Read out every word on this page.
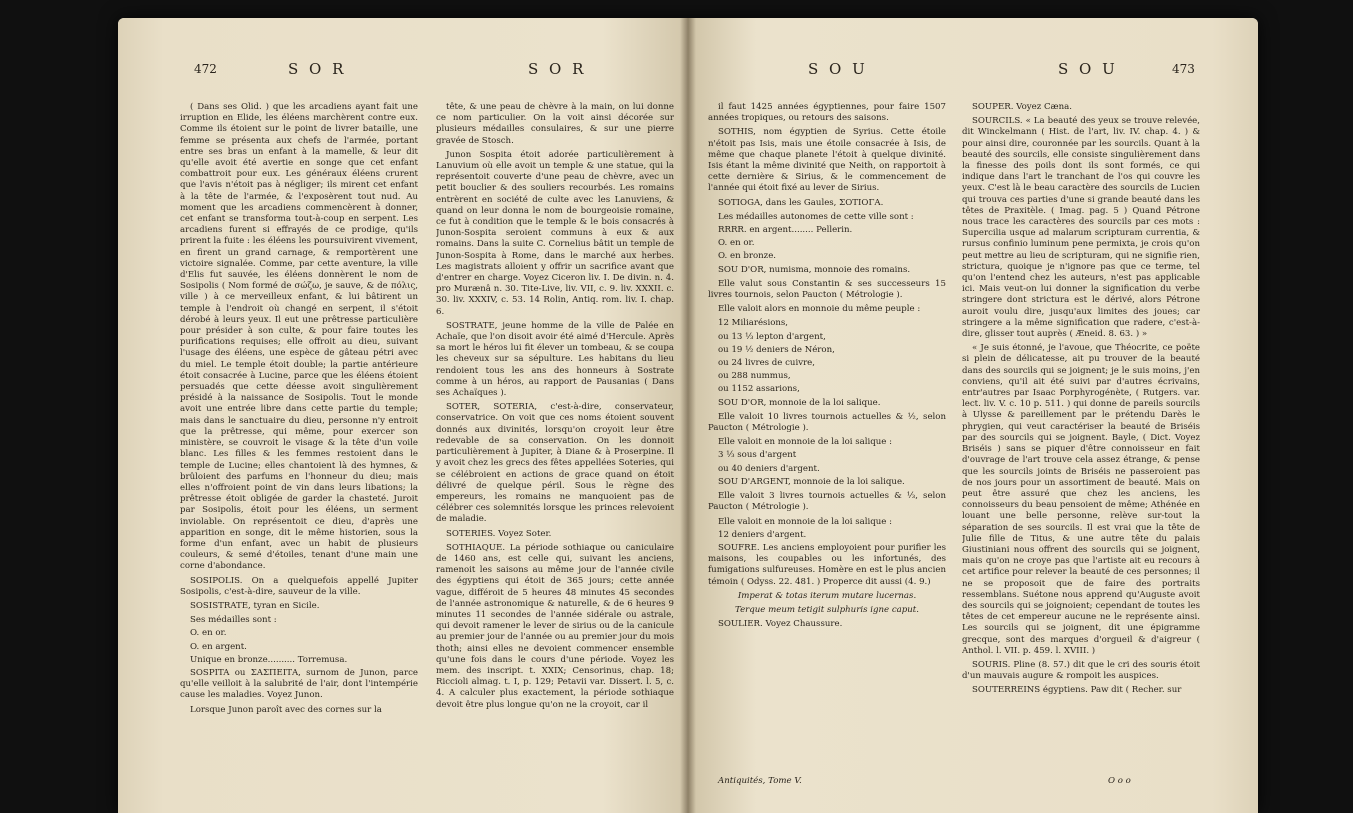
472	S O R	S O R

( Dans ses Olid. ) que les arcadiens ayant fait une irruption en Elide, les éléens marchèrent contre eux. Comme ils étoient sur le point de livrer bataille, une femme se présenta aux chefs de l'armée, portant entre ses bras un enfant à la mamelle, & leur dit qu'elle avoit été avertie en songe que cet enfant combattroit pour eux. Les généraux éléens crurent que l'avis n'étoit pas à négliger; ils mirent cet enfant à la tête de l'armée, & l'exposèrent tout nud. Au moment que les arcadiens commencèrent à donner, cet enfant se transforma tout-à-coup en serpent. Les arcadiens furent si effrayés de ce prodige, qu'ils prirent la fuite : les éléens les poursuivirent vivement, en firent un grand carnage, & remportèrent une victoire signalée. Comme, par cette aventure, la ville d'Elis fut sauvée, les éléens donnèrent le nom de Sosipolis ( Nom formé de σώζω, je sauve, & de πόλις, ville ) à ce merveilleux enfant, & lui bâtirent un temple à l'endroit où changé en serpent, il s'étoit dérobé à leurs yeux. Il eut une prêtresse particulière pour présider à son culte, & pour faire toutes les purifications requises; elle offroit au dieu, suivant l'usage des éléens, une espèce de gâteau pétri avec du miel. Le temple étoit double; la partie antérieure étoit consacrée à Lucine, parce que les éléens étoient persuadés que cette déesse avoit singulièrement présidé à la naissance de Sosipolis. Tout le monde avoit une entrée libre dans cette partie du temple; mais dans le sanctuaire du dieu, personne n'y entroit que la prêtresse, qui même, pour exercer son ministère, se couvroit le visage & la tête d'un voile blanc. Les filles & les femmes restoient dans le temple de Lucine; elles chantoient là des hymnes, & brûloient des parfums en l'honneur du dieu; mais elles n'offroient point de vin dans leurs libations; la prêtresse étoit obligée de garder la chasteté. Juroit par Sosipolis, étoit pour les éléens, un serment inviolable. On représentoit ce dieu, d'après une apparition en songe, dit le même historien, sous la forme d'un enfant, avec un habit de plusieurs couleurs, & semé d'étoiles, tenant d'une main une corne d'abondance.

SOSIPOLIS. On a quelquefois appellé Jupiter Sosipolis, c'est-à-dire, sauveur de la ville.

SOSISTRATE, tyran en Sicile.

Ses médailles sont :

O. en or.

O. en argent.

Unique en bronze.......... Torremusa.

SOSPITA ou ΣΑΣΠΕΙΤΑ, surnom de Junon, parce qu'elle veilloit à la salubrité de l'air, dont l'intempérie cause les maladies. Voyez Junon.

Lorsque Junon paroît avec des cornes sur la

tête, & une peau de chèvre à la main, on lui donne ce nom particulier. On la voit ainsi décorée sur plusieurs médailles consulaires, & sur une pierre gravée de Stosch.

Junon Sospita étoit adorée particulièrement à Lanuvium où elle avoit un temple & une statue, qui la représentoit couverte d'une peau de chèvre, avec un petit bouclier & des souliers recourbés. Les romains entrèrent en société de culte avec les Lanuviens, & quand on leur donna le nom de bourgeoisie romaine, ce fut à condition que le temple & le bois consacrés à Junon-Sospita seroient communs à eux & aux romains. Dans la suite C. Cornelius bâtit un temple de Junon-Sospita à Rome, dans le marché aux herbes. Les magistrats alloient y offrir un sacrifice avant que d'entrer en charge. Voyez Ciceron liv. I. De divin. n. 4. pro Murænâ n. 30. Tite-Live, liv. VII, c. 9. liv. XXXII. c. 30. liv. XXXIV, c. 53. 14 Rolin, Antiq. rom. liv. I. chap. 6.

SOSTRATE, jeune homme de la ville de Palée en Achaïe, que l'on disoit avoir été aimé d'Hercule. Après sa mort le héros lui fit élever un tombeau, & se coupa les cheveux sur sa sépulture. Les habitans du lieu rendoient tous les ans des honneurs à Sostrate comme à un héros, au rapport de Pausanias ( Dans ses Achaïques ).

SOTER, SOTERIA, c'est-à-dire, conservateur, conservatrice. On voit que ces noms étoient souvent donnés aux divinités, lorsqu'on croyoit leur être redevable de sa conservation. On les donnoit particulièrement à Jupiter, à Diane & à Proserpine. Il y avoit chez les grecs des fêtes appellées Soteries, qui se célébroient en actions de grace quand on étoit délivré de quelque péril. Sous le règne des empereurs, les romains ne manquoient pas de célébrer ces solemnités lorsque les princes relevoient de maladie.

SOTERIES. Voyez Soter.

SOTHIAQUE. La période sothiaque ou caniculaire de 1460 ans, est celle qui, suivant les anciens, ramenoit les saisons au même jour de l'année civile des égyptiens qui étoit de 365 jours; cette année vague, différoit de 5 heures 48 minutes 45 secondes de l'année astronomique & naturelle, & de 6 heures 9 minutes 11 secondes de l'année sidérale ou astrale, qui devoit ramener le lever de sirius ou de la canicule au premier jour de l'année ou au premier jour du mois thoth; ainsi elles ne devoient commencer ensemble qu'une fois dans le cours d'une période. Voyez les mem. des inscript. t. XXIX; Censorinus, chap. 18; Riccioli almag. t. I, p. 129; Petavii var. Dissert. l. 5, c. 4. A calculer plus exactement, la période sothiaque devoit être plus longue qu'on ne la croyoit, car il

S O U	S O U	473

il faut 1425 années égyptiennes, pour faire 1507 années tropiques, ou retours des saisons.

SOTHIS, nom égyptien de Syrius. Cette étoile n'étoit pas Isis, mais une étoile consacrée à Isis, de même que chaque planete l'étoit à quelque divinité. Isis étant la même divinité que Neith, on rapportoit à cette dernière & Sirius, & le commencement de l'année qui étoit fixé au lever de Sirius.

SOTIOGA, dans les Gaules, ΣΟΤΙΟΓΑ.

Les médailles autonomes de cette ville sont :

RRRR. en argent........ Pellerin.

O. en or.

O. en bronze.

SOU D'OR, numisma, monnoie des romains.

Elle valut sous Constantin & ses successeurs 15 livres tournois, selon Paucton ( Métrologie ).

Elle valoit alors en monnoie du même peuple :

12 Miliarésions,

ou 13 ⅓ lepton d'argent,

ou 19 ½ deniers de Néron,

ou 24 livres de cuivre,

ou 288 nummus,

ou 1152 assarions,

SOU D'OR, monnoie de la loi salique.

Elle valoit 10 livres tournois actuelles & ½, selon Paucton ( Métrologie ).

Elle valoit en monnoie de la loi salique :

3 ⅓ sous d'argent

ou 40 deniers d'argent.

SOU D'ARGENT, monnoie de la loi salique.

Elle valoit 3 livres tournois actuelles & ⅓, selon Paucton ( Métrologie ).

Elle valoit en monnoie de la loi salique :

12 deniers d'argent.

SOUFRE. Les anciens employoient pour purifier les maisons, les coupables ou les infortunés, des fumigations sulfureuses. Homère en est le plus ancien témoin ( Odyss. 22. 481. ) Properce dit aussi (4. 9.)

Imperat & totas iterum mutare lucernas.

Terque meum tetigit sulphuris igne caput.

SOULIER. Voyez Chaussure.

SOUPER. Voyez Cæna.

SOURCILS. « La beauté des yeux se trouve relevée, dit Winckelmann ( Hist. de l'art, liv. IV. chap. 4. ) & pour ainsi dire, couronnée par les sourcils. Quant à la beauté des sourcils, elle consiste singulièrement dans la finesse des poils dont ils sont formés, ce qui indique dans l'art le tranchant de l'os qui couvre les yeux. C'est là le beau caractère des sourcils de Lucien qui trouva ces parties d'une si grande beauté dans les têtes de Praxitèle. ( Imag. pag. 5 ) Quand Pétrone nous trace les caractères des sourcils par ces mots : Supercilia usque ad malarum scripturam currentia, & rursus confinio luminum pene permixta, je crois qu'on peut mettre au lieu de scripturam, qui ne signifie rien, strictura, quoique je n'ignore pas que ce terme, tel qu'on l'entend chez les auteurs, n'est pas applicable ici. Mais veut-on lui donner la signification du verbe stringere dont strictura est le dérivé, alors Pétrone auroit voulu dire, jusqu'aux limites des joues; car stringere a la même signification que radere, c'est-à-dire, glisser tout auprès ( Æneid. 8. 63. ) »

« Je suis étonné, je l'avoue, que Théocrite, ce poëte si plein de délicatesse, ait pu trouver de la beauté dans des sourcils qui se joignent; je le suis moins, j'en conviens, qu'il ait été suivi par d'autres écrivains, entr'autres par Isaac Porphyrogénète, ( Rutgers. var. lect. liv. V. c. 10 p. 511. ) qui donne de pareils sourcils à Ulysse & pareillement par le prétendu Darès le phrygien, qui veut caractériser la beauté de Briséis par des sourcils qui se joignent. Bayle, ( Dict. Voyez Briséis ) sans se piquer d'être connoisseur en fait d'ouvrage de l'art trouve cela assez étrange, & pense que les sourcils joints de Briséis ne passeroient pas de nos jours pour un assortiment de beauté. Mais on peut être assuré que chez les anciens, les connoisseurs du beau pensoient de même; Athénée en louant une belle personne, relève sur-tout la séparation de ses sourcils. Il est vrai que la tête de Julie fille de Titus, & une autre tête du palais Giustiniani nous offrent des sourcils qui se joignent, mais qu'on ne croye pas que l'artiste ait eu recours à cet artifice pour relever la beauté de ces personnes; il ne se proposoit que de faire des portraits ressemblans. Suétone nous apprend qu'Auguste avoit des sourcils qui se joignoient; cependant de toutes les têtes de cet empereur aucune ne le représente ainsi. Les sourcils qui se joignent, dit une épigramme grecque, sont des marques d'orgueil & d'aigreur ( Anthol. l. VII. p. 459. l. XVIII. )

SOURIS. Pline (8. 57.) dit que le cri des souris étoit d'un mauvais augure & rompoit les auspices.

SOUTERREINS égyptiens. Paw dit ( Recher. sur

Antiquités, Tome V.	O o o
